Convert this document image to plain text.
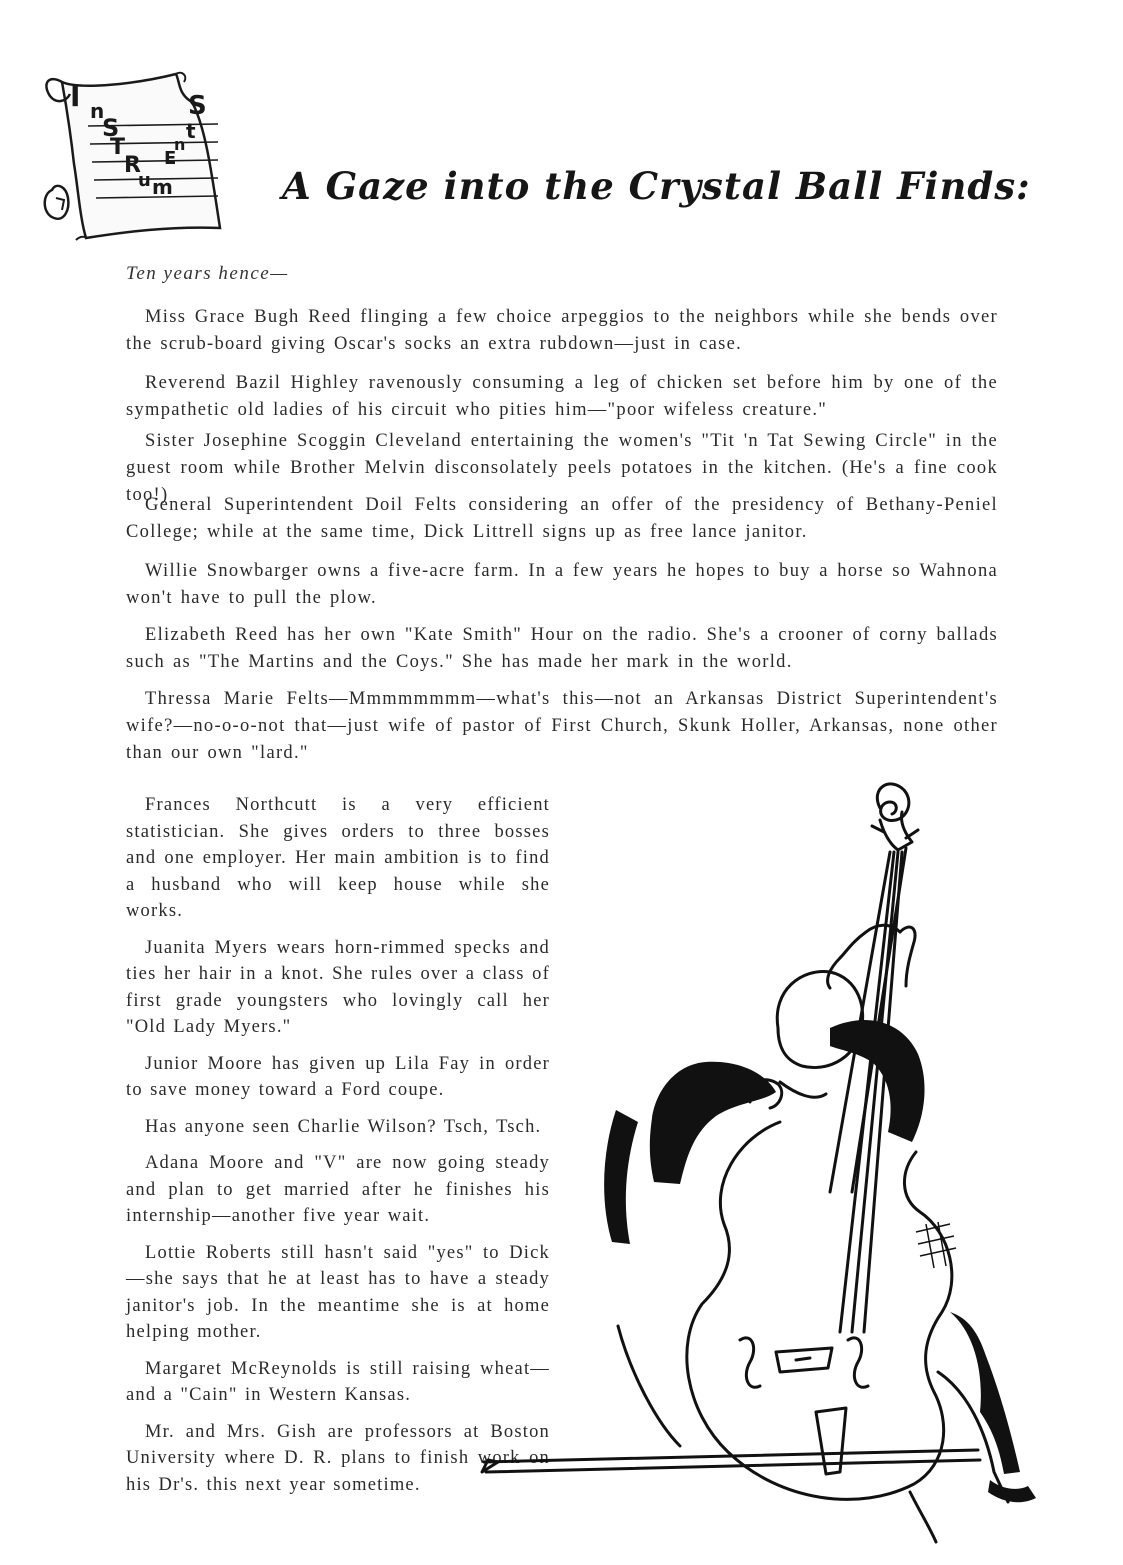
I n
S
T
R
u m
E
n
t
S
A Gaze into the Crystal Ball Finds:

Ten years hence—

Miss Grace Bugh Reed flinging a few choice arpeggios to the neighbors while she bends over the scrub-board giving Oscar's socks an extra rubdown—just in case.

Reverend Bazil Highley ravenously consuming a leg of chicken set before him by one of the sympathetic old ladies of his circuit who pities him—"poor wifeless creature."

Sister Josephine Scoggin Cleveland entertaining the women's "Tit 'n Tat Sewing Circle" in the guest room while Brother Melvin disconsolately peels potatoes in the kitchen. (He's a fine cook too!)

General Superintendent Doil Felts considering an offer of the presidency of Bethany-Peniel College; while at the same time, Dick Littrell signs up as free lance janitor.

Willie Snowbarger owns a five-acre farm. In a few years he hopes to buy a horse so Wahnona won't have to pull the plow.

Elizabeth Reed has her own "Kate Smith" Hour on the radio. She's a crooner of corny ballads such as "The Martins and the Coys." She has made her mark in the world.

Thressa Marie Felts—Mmmmmmmm—what's this—not an Arkansas District Superintendent's wife?—no-o-o-not that—just wife of pastor of First Church, Skunk Holler, Arkansas, none other than our own "lard."

Frances Northcutt is a very efficient statistician. She gives orders to three bosses and one employer. Her main ambition is to find a husband who will keep house while she works.

Juanita Myers wears horn-rimmed specks and ties her hair in a knot. She rules over a class of first grade youngsters who lovingly call her "Old Lady Myers."

Junior Moore has given up Lila Fay in order to save money toward a Ford coupe.

Has anyone seen Charlie Wilson? Tsch, Tsch.

Adana Moore and "V" are now going steady and plan to get married after he finishes his internship—another five year wait.

Lottie Roberts still hasn't said "yes" to Dick—she says that he at least has to have a steady janitor's job. In the meantime she is at home helping mother.

Margaret McReynolds is still raising wheat—and a "Cain" in Western Kansas.

Mr. and Mrs. Gish are professors at Boston University where D. R. plans to finish work on his Dr's. this next year sometime.
